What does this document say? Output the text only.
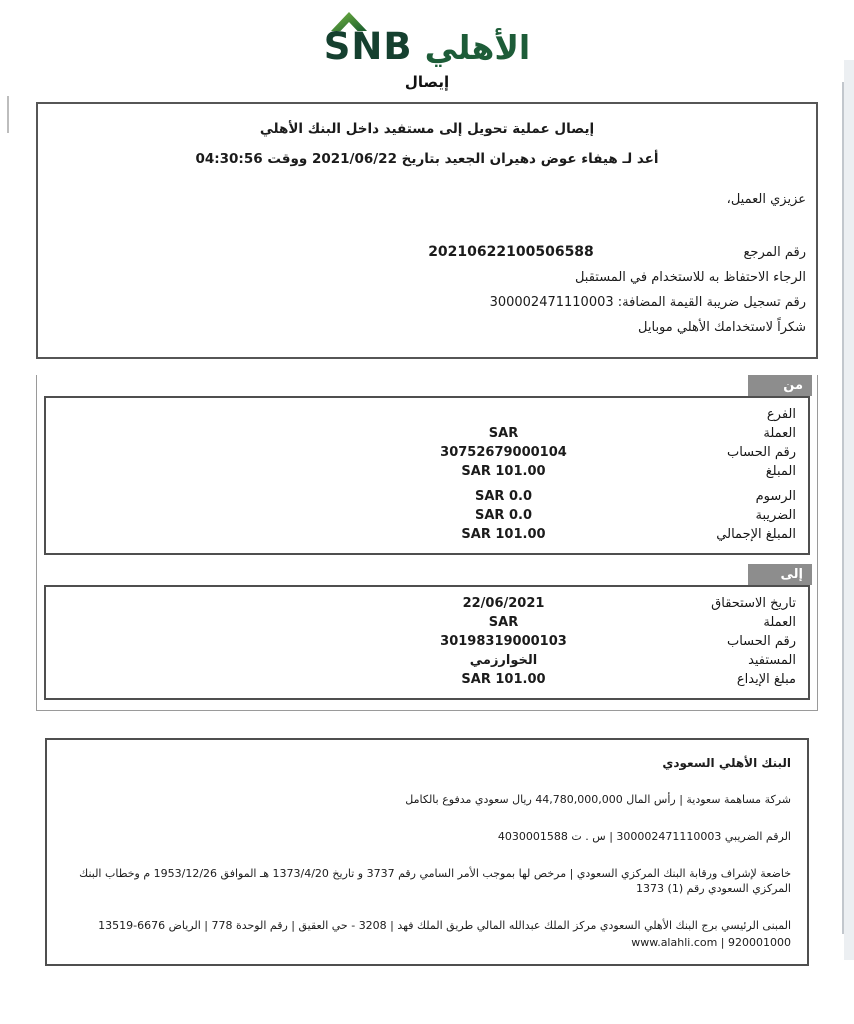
SNB الأهلي
إيصال
إيصال عملية تحويل إلى مستفيد داخل البنك الأهلي
أعد لـ هيفاء عوض دهيران الجعيد بتاريخ 2021/06/22 ووقت 04:30:56
عزيزي العميل،
رقم المرجع
20210622100506588
الرجاء الاحتفاظ به للاستخدام في المستقبل
رقم تسجيل ضريبة القيمة المضافة: 300002471110003
شكراً لاستخدامك الأهلي موبايل
من
الفرع
العملة
SAR
رقم الحساب
30752679000104
المبلغ
101.00 SAR
الرسوم
0.0 SAR
الضريبة
0.0 SAR
المبلغ الإجمالي
101.00 SAR
إلى
تاريخ الاستحقاق
22/06/2021
العملة
SAR
رقم الحساب
30198319000103
المستفيد
الخوارزمي
مبلغ الإيداع
101.00 SAR
البنك الأهلي السعودي
شركة مساهمة سعودية | رأس المال 44,780,000,000 ريال سعودي مدفوع بالكامل
الرقم الضريبي 300002471110003 | س . ت 4030001588
خاضعة لإشراف ورقابة البنك المركزي السعودي | مرخص لها بموجب الأمر السامي رقم 3737 و تاريخ 1373/4/20 هـ الموافق 1953/12/26 م وخطاب البنك المركزي السعودي رقم (1) 1373
المبنى الرئيسي برج البنك الأهلي السعودي مركز الملك عبدالله المالي طريق الملك فهد | 3208 - حي العقيق | رقم الوحدة 778 | الرياض 6676-13519
www.alahli.com | 920001000
